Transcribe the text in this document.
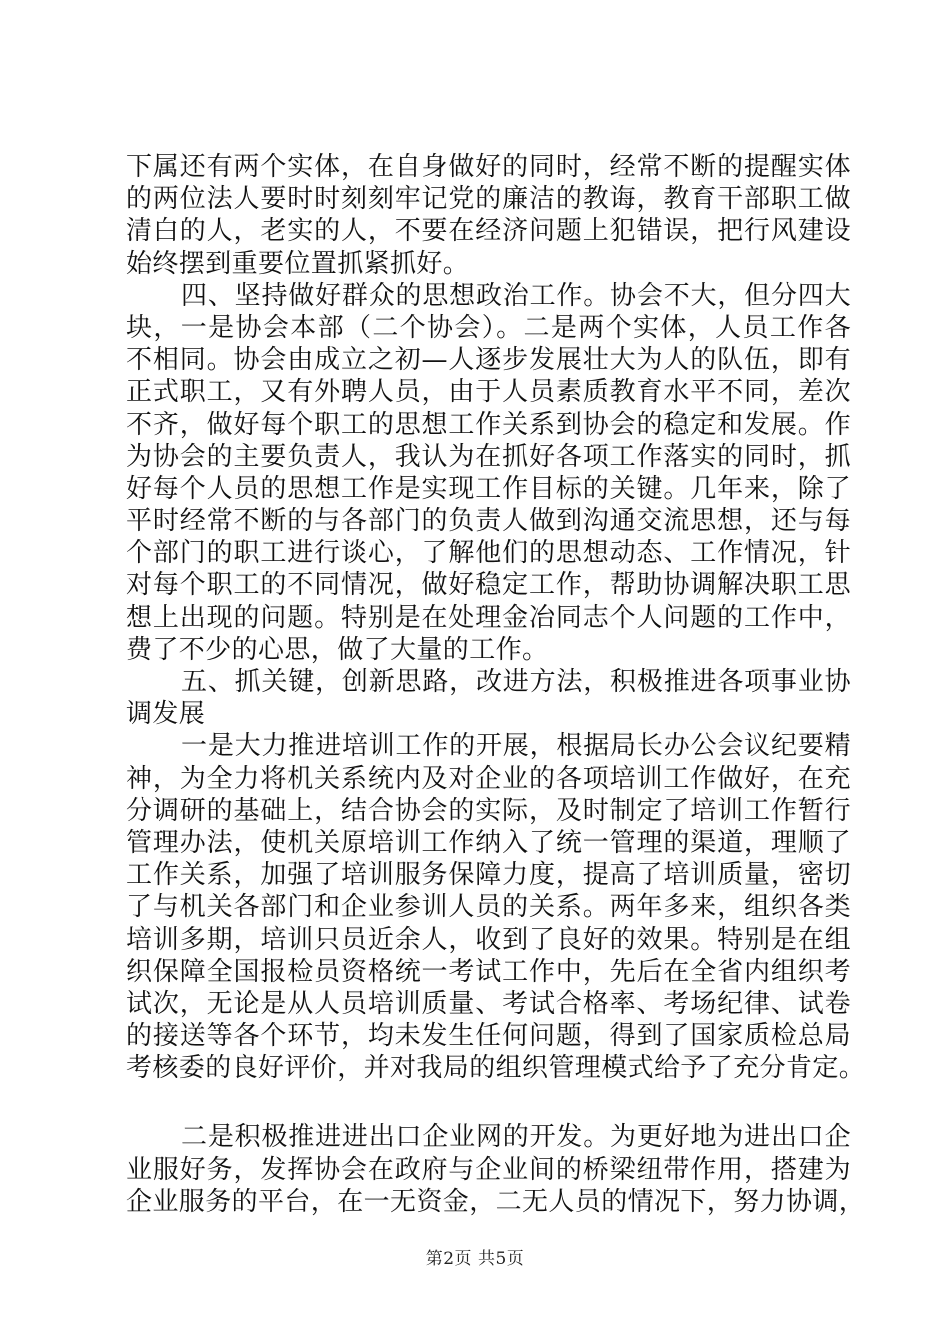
下属还有两个实体，在自身做好的同时，经常不断的提醒实体
的两位法人要时时刻刻牢记党的廉洁的教诲，教育干部职工做
清白的人，老实的人，不要在经济问题上犯错误，把行风建设
始终摆到重要位置抓紧抓好。
四、坚持做好群众的思想政治工作。协会不大，但分四大
块，一是协会本部（二个协会）。二是两个实体，人员工作各
不相同。协会由成立之初—人逐步发展壮大为人的队伍，即有
正式职工，又有外聘人员，由于人员素质教育水平不同，差次
不齐，做好每个职工的思想工作关系到协会的稳定和发展。作
为协会的主要负责人，我认为在抓好各项工作落实的同时，抓
好每个人员的思想工作是实现工作目标的关键。几年来，除了
平时经常不断的与各部门的负责人做到沟通交流思想，还与每
个部门的职工进行谈心，了解他们的思想动态、工作情况，针
对每个职工的不同情况，做好稳定工作，帮助协调解决职工思
想上出现的问题。特别是在处理金冶同志个人问题的工作中，
费了不少的心思，做了大量的工作。
五、抓关键，创新思路，改进方法，积极推进各项事业协
调发展
一是大力推进培训工作的开展，根据局长办公会议纪要精
神，为全力将机关系统内及对企业的各项培训工作做好，在充
分调研的基础上，结合协会的实际，及时制定了培训工作暂行
管理办法，使机关原培训工作纳入了统一管理的渠道，理顺了
工作关系，加强了培训服务保障力度，提高了培训质量，密切
了与机关各部门和企业参训人员的关系。两年多来，组织各类
培训多期，培训只员近余人，收到了良好的效果。特别是在组
织保障全国报检员资格统一考试工作中，先后在全省内组织考
试次，无论是从人员培训质量、考试合格率、考场纪律、试卷
的接送等各个环节，均未发生任何问题，得到了国家质检总局
考核委的良好评价，并对我局的组织管理模式给予了充分肯定。
二是积极推进进出口企业网的开发。为更好地为进出口企
业服好务，发挥协会在政府与企业间的桥梁纽带作用，搭建为
企业服务的平台，在一无资金，二无人员的情况下，努力协调，
第2页 共5页
